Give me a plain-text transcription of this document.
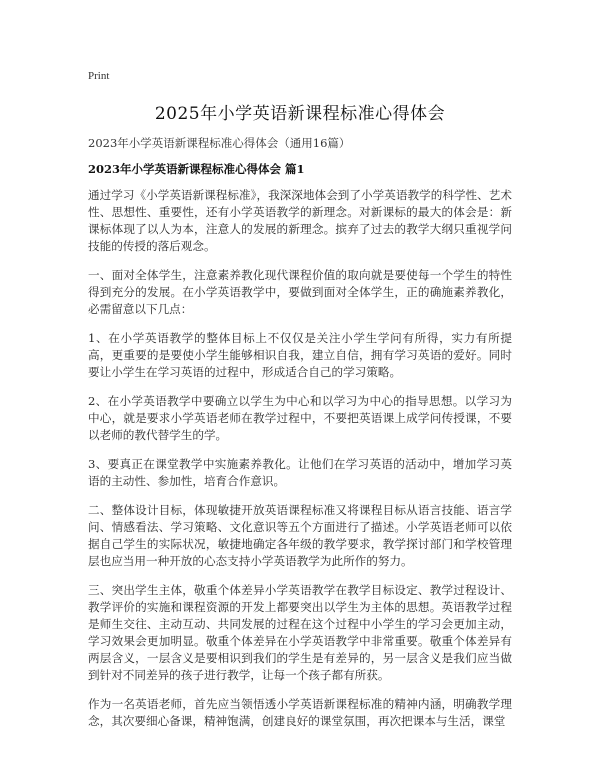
Print
2025年小学英语新课程标准心得体会
2023年小学英语新课程标准心得体会（通用16篇）
2023年小学英语新课程标准心得体会 篇1

通过学习《小学英语新课程标准》，我深深地体会到了小学英语教学的科学性、艺术性、思想性、重要性，还有小学英语教学的新理念。对新课标的最大的体会是：新课标体现了以人为本，注意人的发展的新理念。摈弃了过去的教学大纲只重视学问技能的传授的落后观念。

一、面对全体学生，注意素养教化现代课程价值的取向就是要使每一个学生的特性得到充分的发展。在小学英语教学中，要做到面对全体学生，正的确施素养教化，必需留意以下几点：

1、在小学英语教学的整体目标上不仅仅是关注小学生学问有所得，实力有所提高，更重要的是要使小学生能够相识自我，建立自信，拥有学习英语的爱好。同时要让小学生在学习英语的过程中，形成适合自己的学习策略。

2、在小学英语教学中要确立以学生为中心和以学习为中心的指导思想。以学习为中心，就是要求小学英语老师在教学过程中，不要把英语课上成学问传授课，不要以老师的教代替学生的学。

3、要真正在课堂教学中实施素养教化。让他们在学习英语的活动中，增加学习英语的主动性、参加性，培育合作意识。

二、整体设计目标，体现敏捷开放英语课程标准又将课程目标从语言技能、语言学问、情感看法、学习策略、文化意识等五个方面进行了描述。小学英语老师可以依据自己学生的实际状况，敏捷地确定各年级的教学要求，教学探讨部门和学校管理层也应当用一种开放的心态支持小学英语教学为此所作的努力。

三、突出学生主体，敬重个体差异小学英语教学在教学目标设定、教学过程设计、教学评价的实施和课程资源的开发上都要突出以学生为主体的思想。英语教学过程是师生交往、主动互动、共同发展的过程在这个过程中小学生的学习会更加主动，学习效果会更加明显。敬重个体差异在小学英语教学中非常重要。敬重个体差异有两层含义，一层含义是要相识到我们的学生是有差异的，另一层含义是我们应当做到针对不同差异的孩子进行教学，让每一个孩子都有所获。

作为一名英语老师，首先应当领悟透小学英语新课程标准的精神内涵，明确教学理念，其次要细心备课，精神饱满，创建良好的课堂氛围，再次把课本与生活，课堂
